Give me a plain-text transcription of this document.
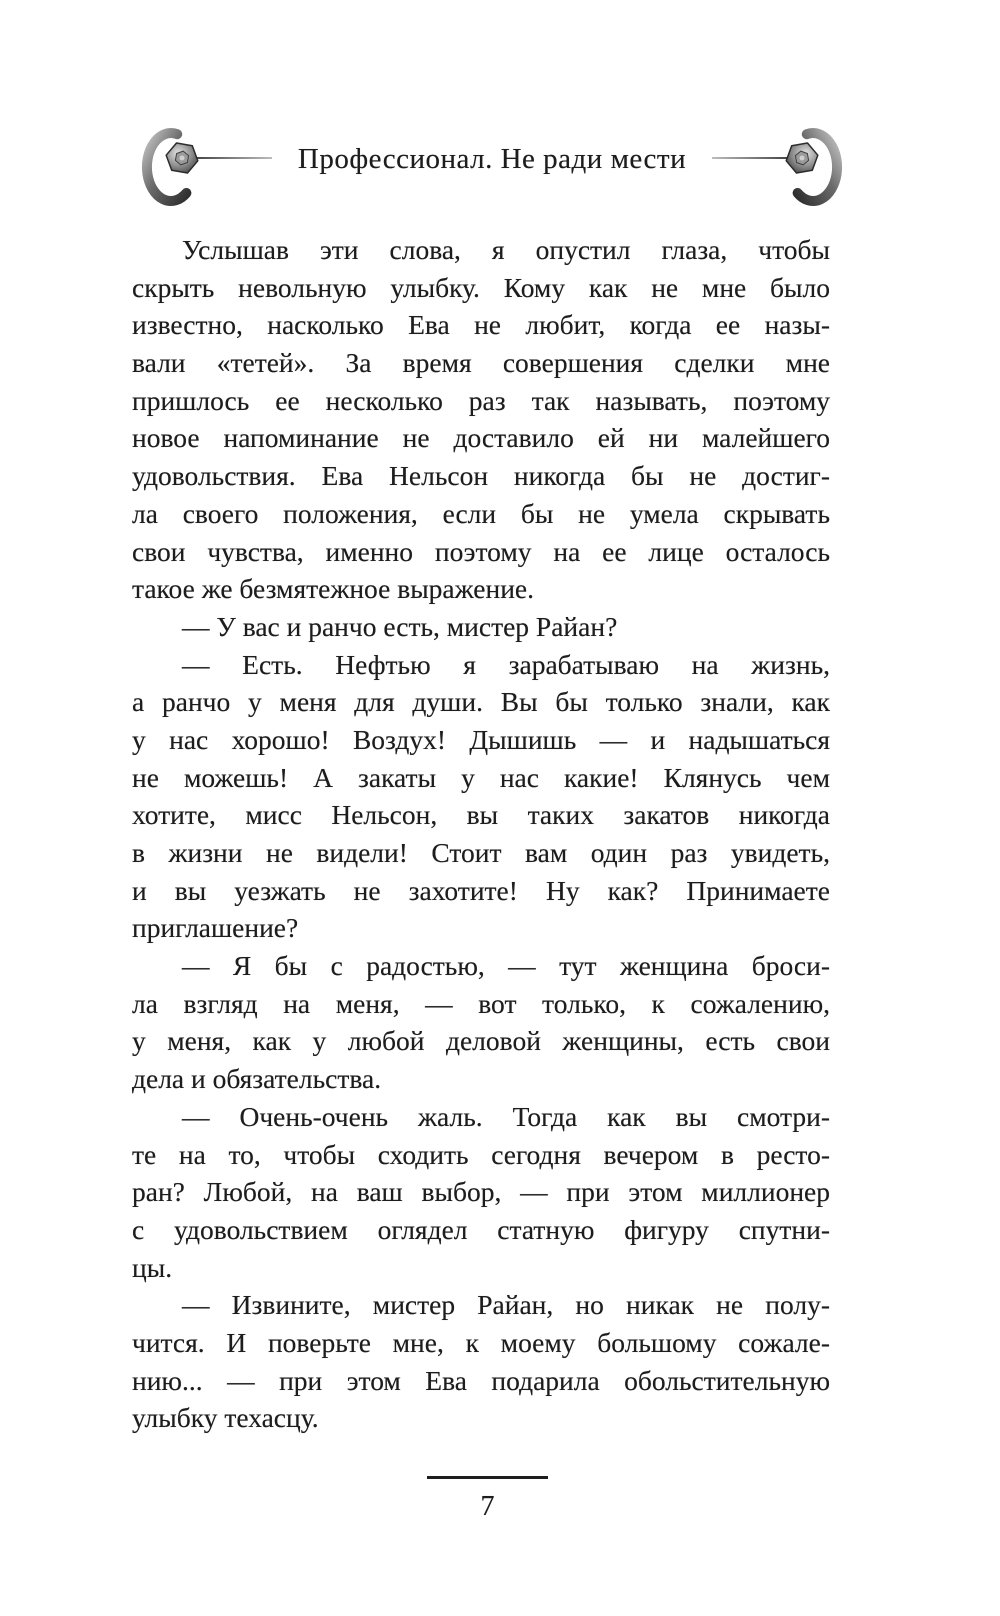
Профессионал. Не ради мести
Услышав эти слова, я опустил глаза, чтобы
скрыть невольную улыбку. Кому как не мне было
известно, насколько Ева не любит, когда ее назы-
вали «тетей». За время совершения сделки мне
пришлось ее несколько раз так называть, поэтому
новое напоминание не доставило ей ни малейшего
удовольствия. Ева Нельсон никогда бы не достиг-
ла своего положения, если бы не умела скрывать
свои чувства, именно поэтому на ее лице осталось
такое же безмятежное выражение.
— У вас и ранчо есть, мистер Райан?
— Есть. Нефтью я зарабатываю на жизнь,
а ранчо у меня для души. Вы бы только знали, как
у нас хорошо! Воздух! Дышишь — и надышаться
не можешь! А закаты у нас какие! Клянусь чем
хотите, мисс Нельсон, вы таких закатов никогда
в жизни не видели! Стоит вам один раз увидеть,
и вы уезжать не захотите! Ну как? Принимаете
приглашение?
— Я бы с радостью, — тут женщина броси-
ла взгляд на меня, — вот только, к сожалению,
у меня, как у любой деловой женщины, есть свои
дела и обязательства.
— Очень-очень жаль. Тогда как вы смотри-
те на то, чтобы сходить сегодня вечером в ресто-
ран? Любой, на ваш выбор, — при этом миллионер
с удовольствием оглядел статную фигуру спутни-
цы.
— Извините, мистер Райан, но никак не полу-
чится. И поверьте мне, к моему большому сожале-
нию... — при этом Ева подарила обольстительную
улыбку техасцу.
7
